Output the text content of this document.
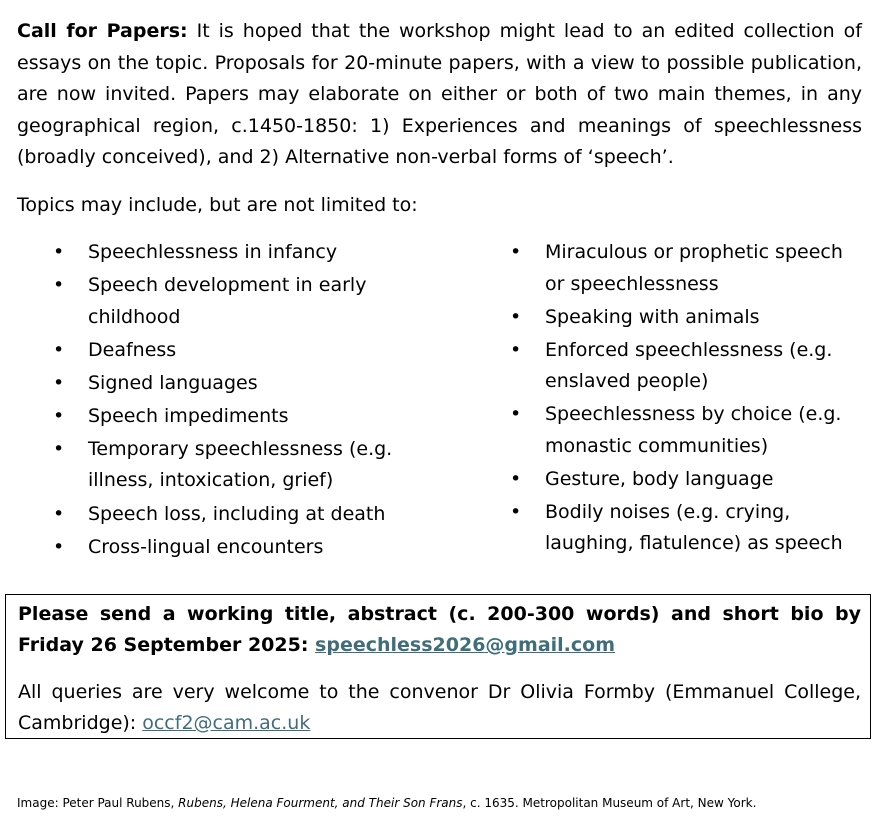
Call for Papers: It is hoped that the workshop might lead to an edited collection of essays on the topic. Proposals for 20-minute papers, with a view to possible publication, are now invited. Papers may elaborate on either or both of two main themes, in any geographical region, c.1450-1850: 1) Experiences and meanings of speechlessness (broadly conceived), and 2) Alternative non-verbal forms of ‘speech’.
Topics may include, but are not limited to:
•	Speechlessness in infancy
•	Speech development in early childhood
•	Deafness
•	Signed languages
•	Speech impediments
•	Temporary speechlessness (e.g. illness, intoxication, grief)
•	Speech loss, including at death
•	Cross-lingual encounters
•	Miraculous or prophetic speech or speechlessness
•	Speaking with animals
•	Enforced speechlessness (e.g. enslaved people)
•	Speechlessness by choice (e.g. monastic communities)
•	Gesture, body language
•	Bodily noises (e.g. crying, laughing, flatulence) as speech
Please send a working title, abstract (c. 200-300 words) and short bio by Friday 26 September 2025: speechless2026@gmail.com
All queries are very welcome to the convenor Dr Olivia Formby (Emmanuel College, Cambridge): occf2@cam.ac.uk
Image: Peter Paul Rubens, Rubens, Helena Fourment, and Their Son Frans, c. 1635. Metropolitan Museum of Art, New York.
